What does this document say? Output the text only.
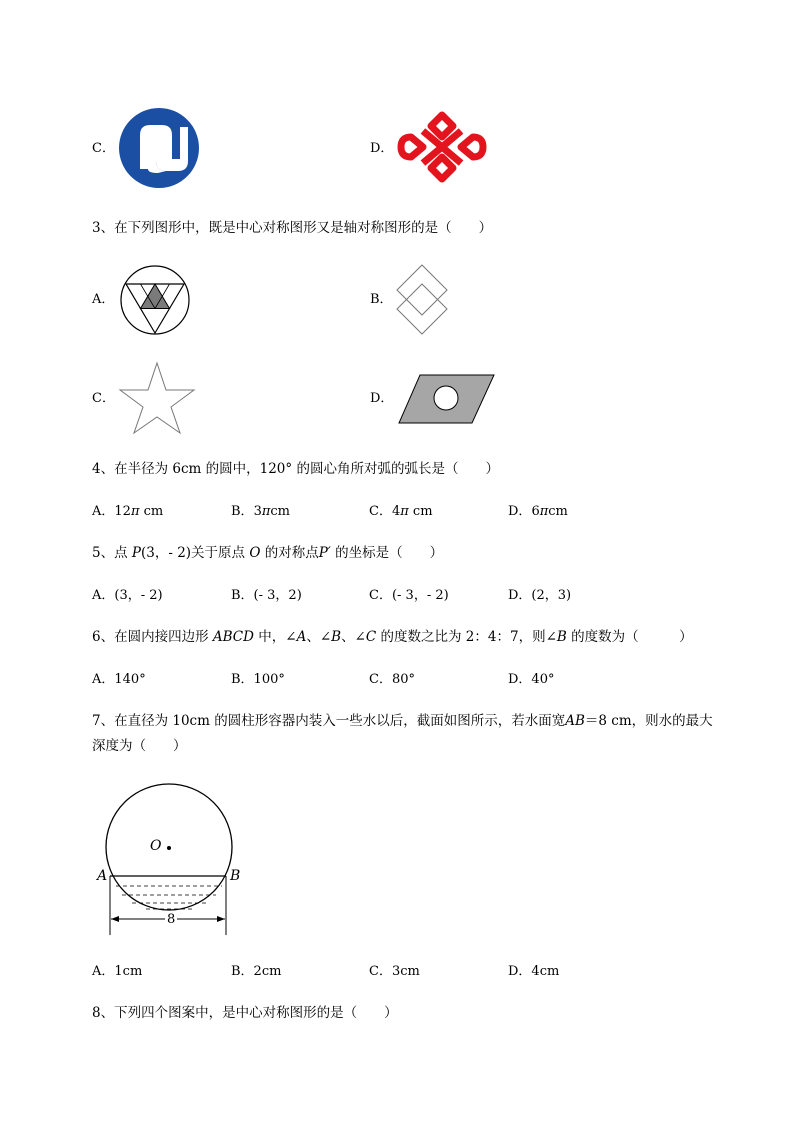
C．	D．
3、在下列图形中，既是中心对称图形又是轴对称图形的是（　　）
A．	B．
C．	D．
4、在半径为 6cm 的圆中，120° 的圆心角所对弧的弧长是（　　）
A．12π cm	B．3πcm	C．4π cm	D．6πcm
5、点 P(3，- 2)关于原点 O 的对称点P′ 的坐标是（　　）
A．(3，- 2)	B．(- 3，2)	C．(- 3，- 2)	D．(2，3)
6、在圆内接四边形 ABCD 中，∠A、∠B、∠C 的度数之比为 2：4：7，则∠B 的度数为（　　　）
A．140°	B．100°	C．80°	D．40°
7、在直径为 10cm 的圆柱形容器内装入一些水以后，截面如图所示，若水面宽AB＝8 cm，则水的最大
深度为（　　）
O
A	B
8
A．1cm	B．2cm	C．3cm	D．4cm
8、下列四个图案中，是中心对称图形的是（　　）
